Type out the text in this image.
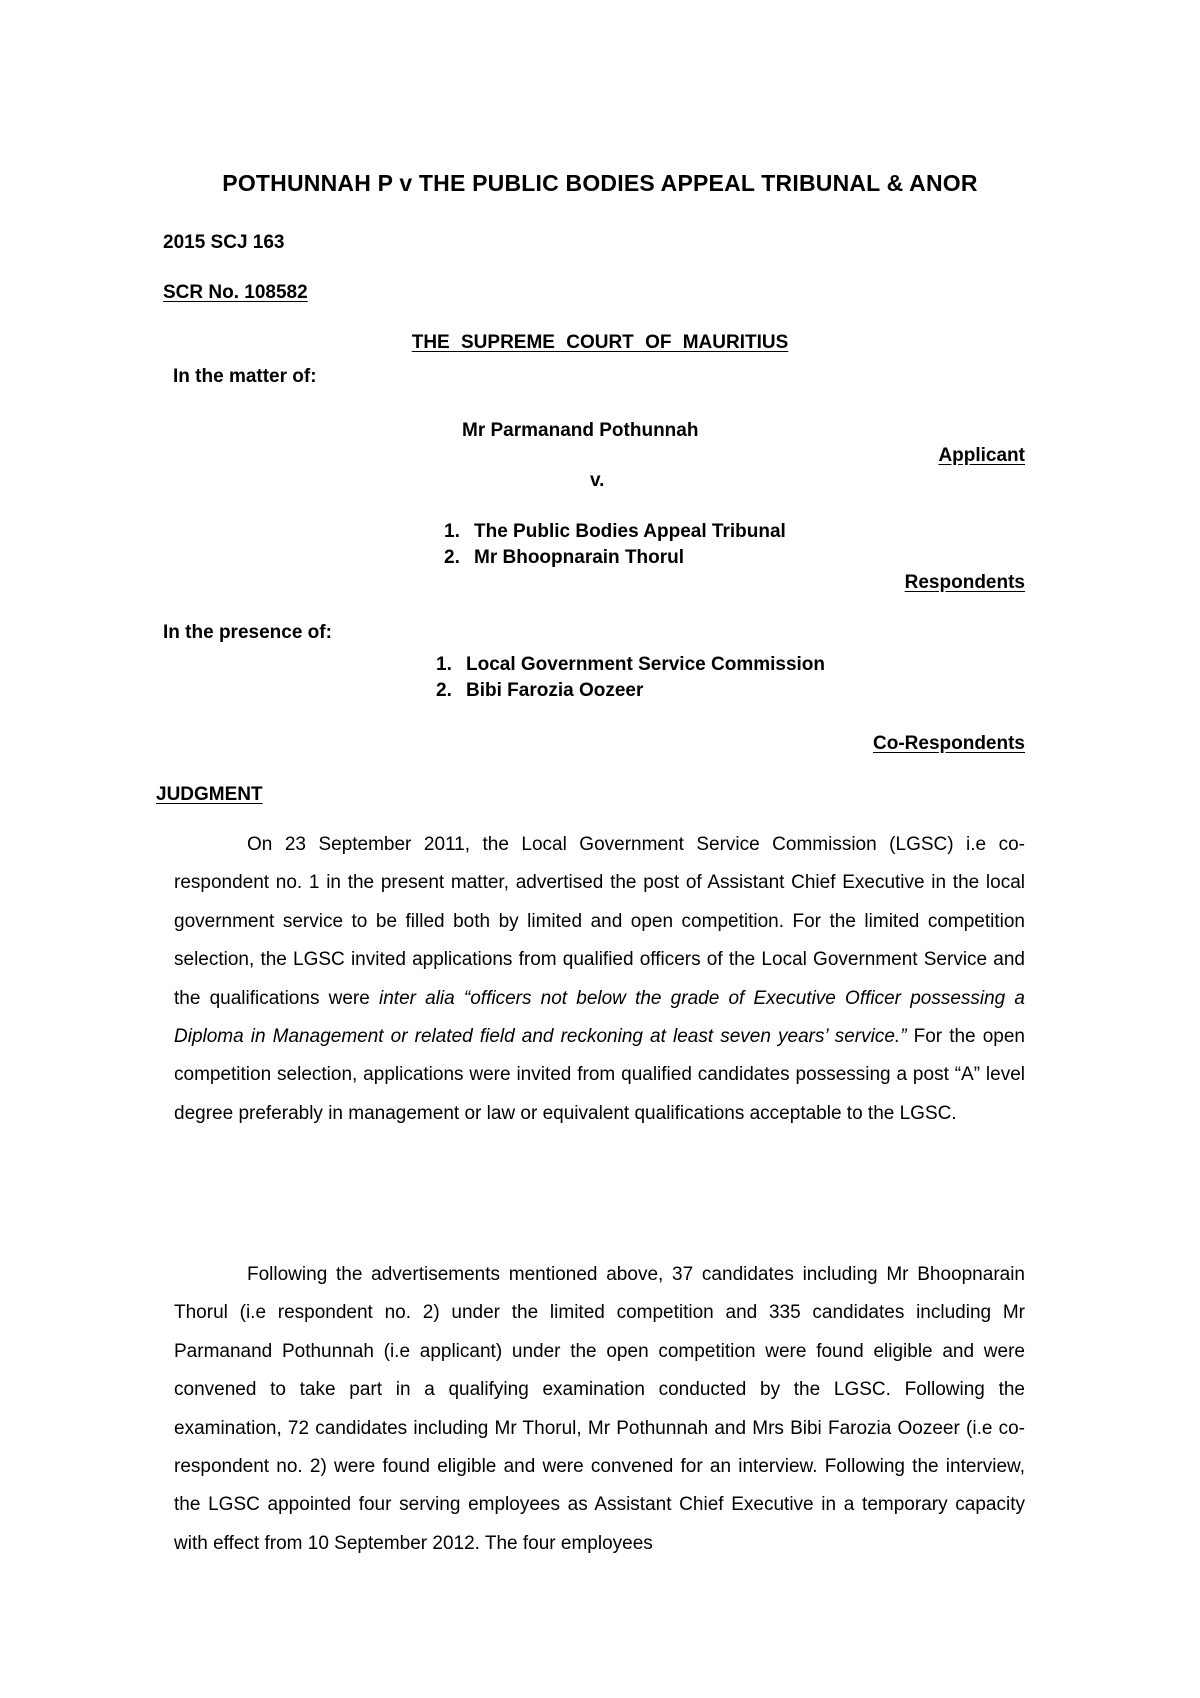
POTHUNNAH P v THE PUBLIC BODIES APPEAL TRIBUNAL & ANOR
2015 SCJ 163
SCR No. 108582
THE SUPREME COURT OF MAURITIUS
In the matter of:
Mr Parmanand Pothunnah
Applicant
v.
1. The Public Bodies Appeal Tribunal
2. Mr Bhoopnarain Thorul
Respondents
In the presence of:
1. Local Government Service Commission
2. Bibi Farozia Oozeer
Co-Respondents
JUDGMENT

On 23 September 2011, the Local Government Service Commission (LGSC) i.e co-respondent no. 1 in the present matter, advertised the post of Assistant Chief Executive in the local government service to be filled both by limited and open competition. For the limited competition selection, the LGSC invited applications from qualified officers of the Local Government Service and the qualifications were inter alia “officers not below the grade of Executive Officer possessing a Diploma in Management or related field and reckoning at least seven years’ service.” For the open competition selection, applications were invited from qualified candidates possessing a post “A” level degree preferably in management or law or equivalent qualifications acceptable to the LGSC.

Following the advertisements mentioned above, 37 candidates including Mr Bhoopnarain Thorul (i.e respondent no. 2) under the limited competition and 335 candidates including Mr Parmanand Pothunnah (i.e applicant) under the open competition were found eligible and were convened to take part in a qualifying examination conducted by the LGSC. Following the examination, 72 candidates including Mr Thorul, Mr Pothunnah and Mrs Bibi Farozia Oozeer (i.e co-respondent no. 2) were found eligible and were convened for an interview. Following the interview, the LGSC appointed four serving employees as Assistant Chief Executive in a temporary capacity with effect from 10 September 2012. The four employees
